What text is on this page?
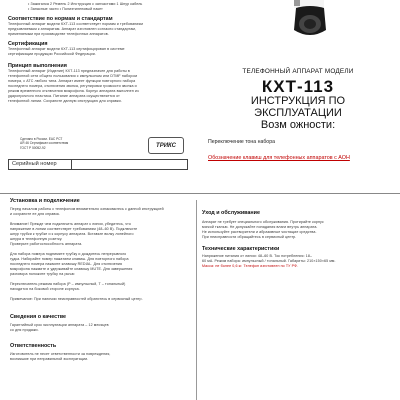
• Зажигалка 2 Ремень 2 Инструкция с запчастями 1 Шнур кабель
• Запасные части • Полиэтиленовый пакет
Соответствие по нормам и стандартам
Телефонный аппарат модели КХТ-113 соответствует нормам и требованиям
предъявляемым к аппаратам. Аппарат изготовлен согласно стандартам,
применяемым при производстве телефонных аппаратов.
Сертификация
Телефонный аппарат модели КХТ-113 сертифицирован в системе
сертификации продукции Российской Федерации.
Принцип выполнения
Телефонный аппарат (Изделие) КХТ-113 предназначен для работы в
телефонной сети общего пользования с импульсным или DTMF набором
номера, с АТС любого типа. Аппарат имеет функции повторного набора
последнего номера, отключения звонка, регулировки громкости звонка и
режим временного отключения микрофона. Корпус аппарата выполнен из
ударопрочного пластика. Питание аппарата осуществляется от
телефонной линии. Сохраните данную инструкцию для справки.
Сделано в России. ЕАС РСТ
АЯ 46 Сертификат соответствия
ГОСТ Р 50052-92	ТРИКС
Серийный номер
ТЕЛЕФОННЫЙ АППАРАТ МОДЕЛИ
КХТ-113
ИНСТРУКЦИЯ ПО
ЭКСПЛУАТАЦИИ
Возм ожности:
Переключение тона набора
Обозначение клавиш для телефонных аппаратов с АОН
Установка и подключение
Перед началом работы с телефоном внимательно ознакомьтесь с данной инструкцией
и сохраните ее для справок.
Внимание! Прежде чем подключить аппарат к линии, убедитесь, что
напряжение в линии соответствует требованиям (48–60 В). Подключите
шнур трубки к трубке и к корпусу аппарата. Вставьте вилку линейного
шнура в телефонную розетку.
Проверьте работоспособность аппарата.
Для набора номера поднимите трубку и дождитесь непрерывного
гудка. Набирайте номер нажатием клавиш. Для повторного набора
последнего номера нажмите клавишу REDIAL. Для отключения
микрофона нажмите и удерживайте клавишу MUTE. Для завершения
разговора положите трубку на рычаг.
Переключатель режима набора (P – импульсный, T – тональный)
находится на боковой стороне корпуса.
Примечание: При наличии неисправностей обратитесь в сервисный центр.
Сведения о качестве
Гарантийный срок эксплуатации аппарата – 12 месяцев
со дня продажи.
Ответственность
Изготовитель не несет ответственности за повреждения,
возникшие при неправильной эксплуатации.
Уход и обслуживание
Аппарат не требует специального обслуживания. Протирайте корпус
мягкой тканью. Не допускайте попадания влаги внутрь аппарата.
Не используйте растворители и абразивные чистящие средства.
При неисправности обращайтесь в сервисный центр.
Технические характеристики
Напряжение питания от линии: 48–60 В. Ток потребления: 18–
60 мА. Режим набора: импульсный / тональный. Габариты: 210×150×65 мм.
Масса: не более 0,6 кг. Телефон изготовлен по ТУ РФ.
